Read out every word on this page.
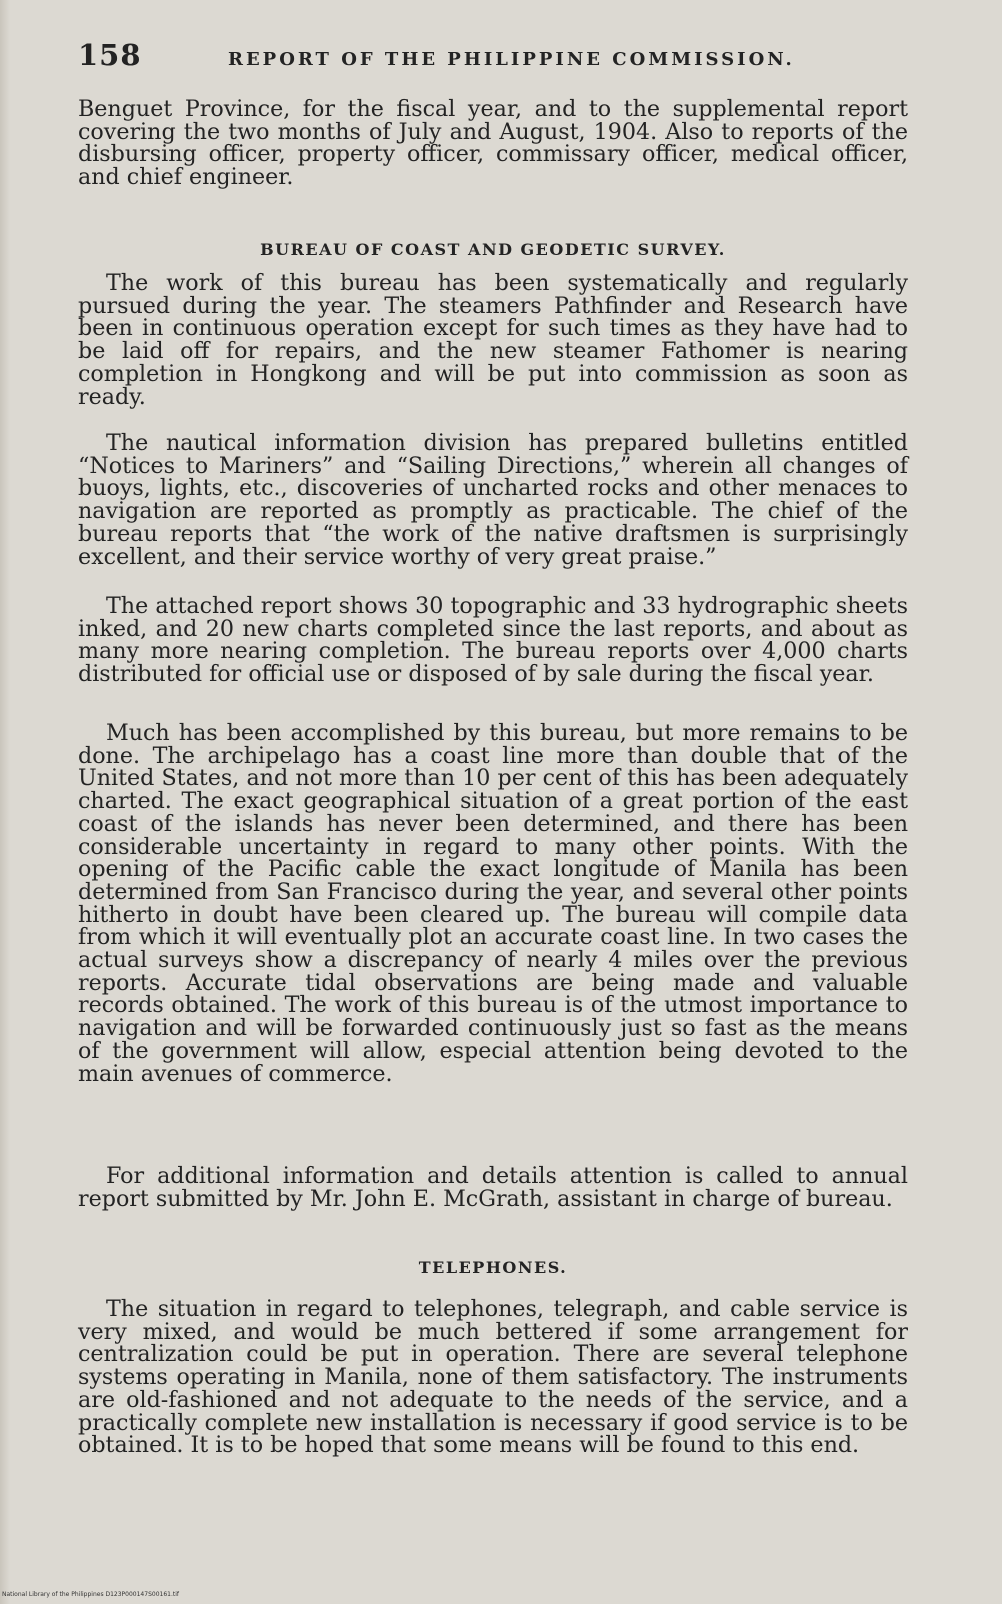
158	REPORT OF THE PHILIPPINE COMMISSION.

Benguet Province, for the fiscal year, and to the supplemental report covering the two months of July and August, 1904. Also to reports of the disbursing officer, property officer, commissary officer, medical officer, and chief engineer.

BUREAU OF COAST AND GEODETIC SURVEY.

The work of this bureau has been systematically and regularly pursued during the year. The steamers Pathfinder and Research have been in continuous operation except for such times as they have had to be laid off for repairs, and the new steamer Fathomer is nearing completion in Hongkong and will be put into commission as soon as ready.

The nautical information division has prepared bulletins entitled “Notices to Mariners” and “Sailing Directions,” wherein all changes of buoys, lights, etc., discoveries of uncharted rocks and other menaces to navigation are reported as promptly as practicable. The chief of the bureau reports that “the work of the native draftsmen is surprisingly excellent, and their service worthy of very great praise.”

The attached report shows 30 topographic and 33 hydrographic sheets inked, and 20 new charts completed since the last reports, and about as many more nearing completion. The bureau reports over 4,000 charts distributed for official use or disposed of by sale during the fiscal year.

Much has been accomplished by this bureau, but more remains to be done. The archipelago has a coast line more than double that of the United States, and not more than 10 per cent of this has been adequately charted. The exact geographical situation of a great portion of the east coast of the islands has never been determined, and there has been considerable uncertainty in regard to many other points. With the opening of the Pacific cable the exact longitude of Manila has been determined from San Francisco during the year, and several other points hitherto in doubt have been cleared up. The bureau will compile data from which it will eventually plot an accurate coast line. In two cases the actual surveys show a discrepancy of nearly 4 miles over the previous reports. Accurate tidal observations are being made and valuable records obtained. The work of this bureau is of the utmost importance to navigation and will be forwarded continuously just so fast as the means of the government will allow, especial attention being devoted to the main avenues of commerce.

For additional information and details attention is called to annual report submitted by Mr. John E. McGrath, assistant in charge of bureau.

TELEPHONES.

The situation in regard to telephones, telegraph, and cable service is very mixed, and would be much bettered if some arrangement for centralization could be put in operation. There are several telephone systems operating in Manila, none of them satisfactory. The instruments are old-fashioned and not adequate to the needs of the service, and a practically complete new installation is necessary if good service is to be obtained. It is to be hoped that some means will be found to this end.

National Library of the Philippines D123P000147S00161.tif
